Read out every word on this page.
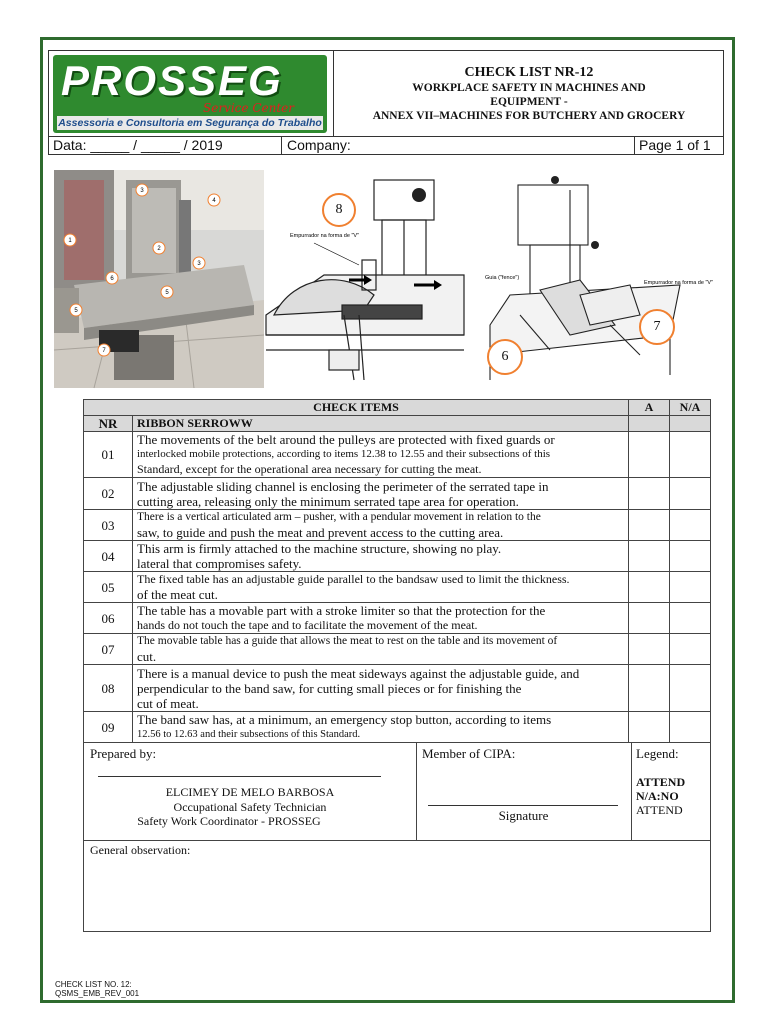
PROSSEG
Service Center
Assessoria e Consultoria em Segurança do Trabalho
CHECK LIST NR-12
WORKPLACE SAFETY IN MACHINES AND
EQUIPMENT -
ANNEX VII–MACHINES FOR BUTCHERY AND GROCERY
Data: _____ / _____ / 2019	Company:	Page 1 of 1
3
4
1
2
3
6
5
5
7
Empurrador na forma de "V"
8
Guia ("fence")
Empurrador na forma de "V"
7
6
CHECK ITEMS		A	N/A
NR	RIBBON SERROWW		
01	The movements of the belt around the pulleys are protected with fixed guards or
interlocked mobile protections, according to items 12.38 to 12.55 and their subsections of this
Standard, except for the operational area necessary for cutting the meat.		

02	The adjustable sliding channel is enclosing the perimeter of the serrated tape in
cutting area, releasing only the minimum serrated tape area for operation.		

03	There is a vertical articulated arm – pusher, with a pendular movement in relation to the
saw, to guide and push the meat and prevent access to the cutting area.		

04	This arm is firmly attached to the machine structure, showing no play.
lateral that compromises safety.		

05	The fixed table has an adjustable guide parallel to the bandsaw used to limit the thickness.
of the meat cut.		

06	The table has a movable part with a stroke limiter so that the protection for the
hands do not touch the tape and to facilitate the movement of the meat.		

07	The movable table has a guide that allows the meat to rest on the table and its movement of
cut.		

08	There is a manual device to push the meat sideways against the adjustable guide, and
perpendicular to the band saw, for cutting small pieces or for finishing the
cut of meat.		

09	The band saw has, at a minimum, an emergency stop button, according to items
12.56 to 12.63 and their subsections of this Standard.		

Prepared by:
ELCIMEY DE MELO BARBOSA
Occupational Safety Technician
Safety Work Coordinator - PROSSEG
Member of CIPA:
Signature
Legend:
ATTEND
N/A:NO
ATTEND
General observation:
CHECK LIST NO. 12:
QSMS_EMB_REV_001
